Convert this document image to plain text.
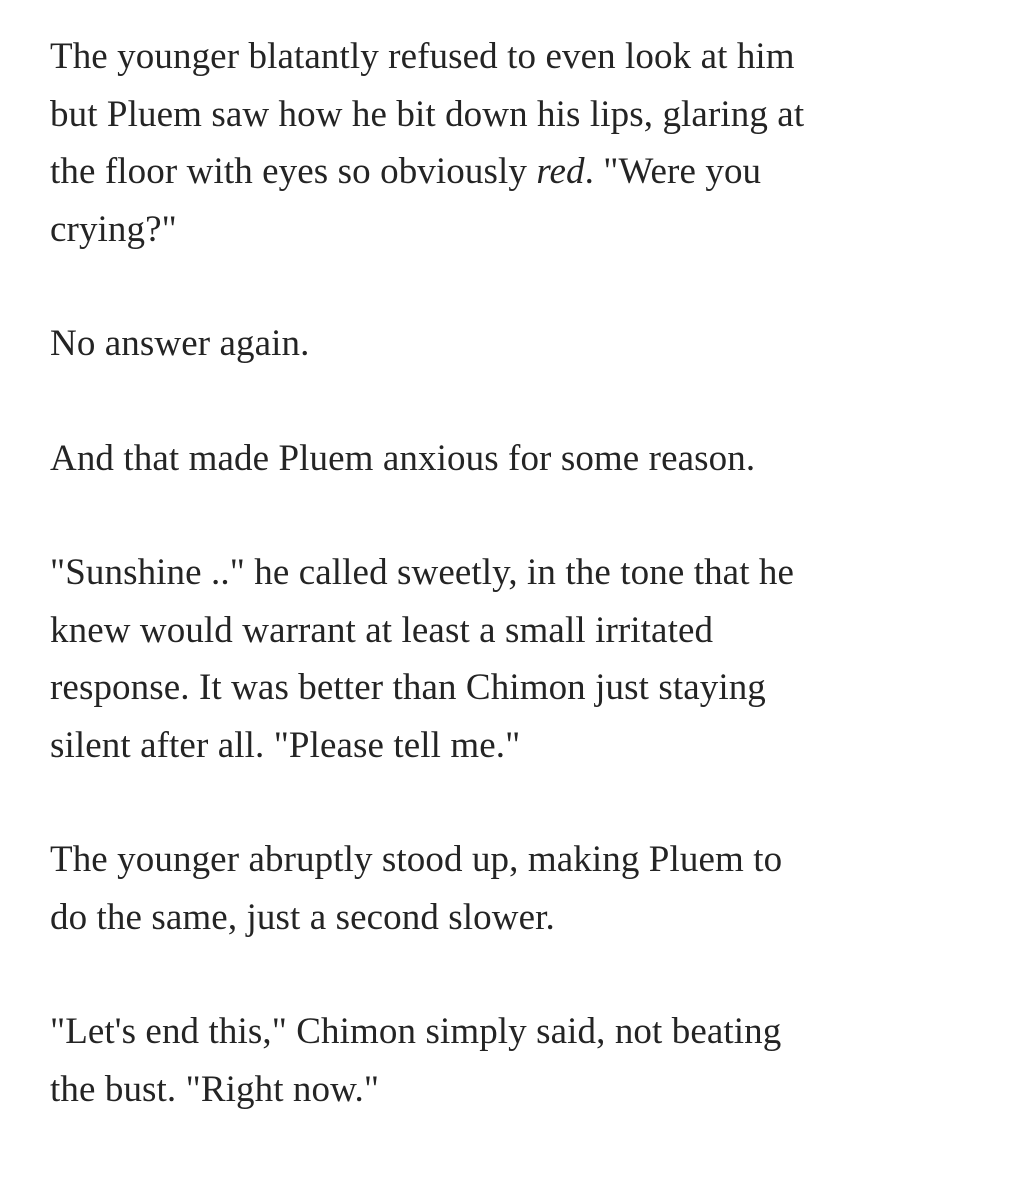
The younger blatantly refused to even look at him
but Pluem saw how he bit down his lips, glaring at
the floor with eyes so obviously red. "Were you
crying?"

No answer again.

And that made Pluem anxious for some reason.

"Sunshine .." he called sweetly, in the tone that he
knew would warrant at least a small irritated
response. It was better than Chimon just staying
silent after all. "Please tell me."

The younger abruptly stood up, making Pluem to
do the same, just a second slower.

"Let's end this," Chimon simply said, not beating
the bust. "Right now."
